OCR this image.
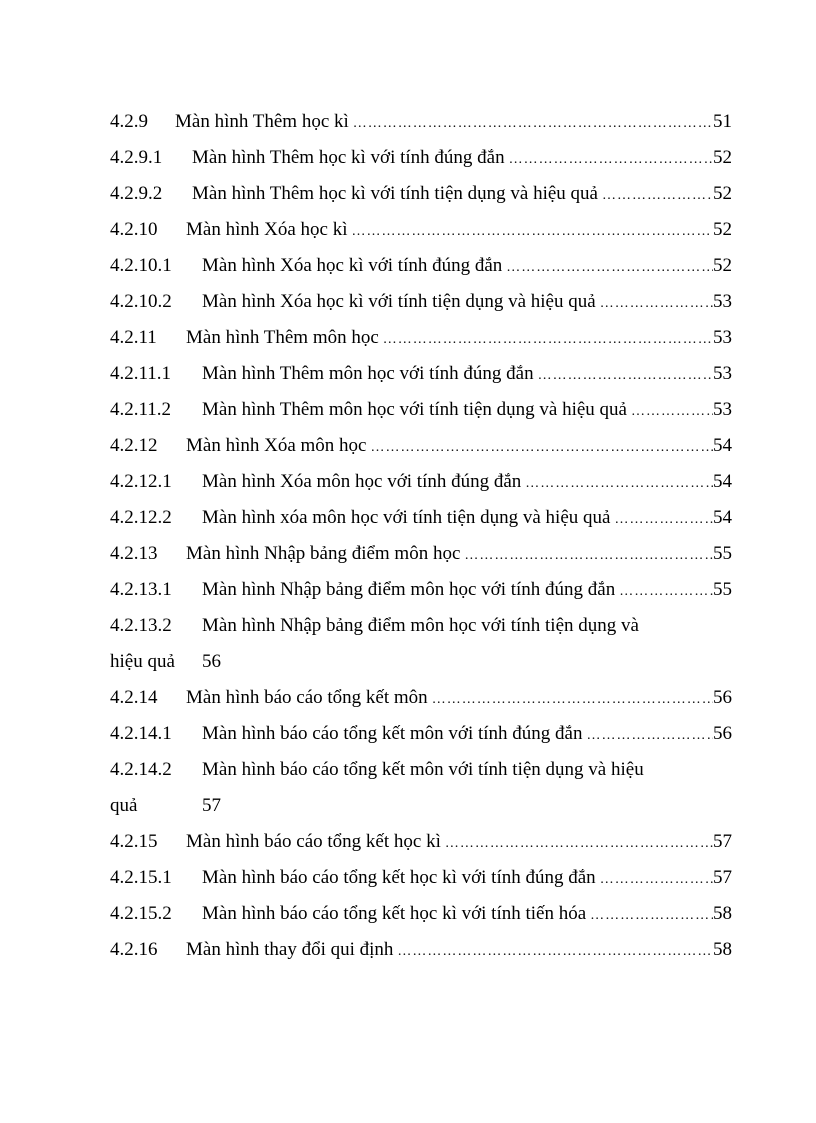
4.2.9	Màn hình Thêm học kì ………………………………………………………………………………………………………………………………………	51
4.2.9.1	Màn hình Thêm học kì với tính đúng đắn ………………………………………………………………………………………………………………………………………	52
4.2.9.2	Màn hình Thêm học kì với tính tiện dụng và hiệu quả ………………………………………………………………………………………………………………………………………	52
4.2.10	Màn hình Xóa học kì ………………………………………………………………………………………………………………………………………	52
4.2.10.1	Màn hình Xóa học kì với tính đúng đắn ………………………………………………………………………………………………………………………………………	52
4.2.10.2	Màn hình Xóa học kì với tính tiện dụng và hiệu quả ………………………………………………………………………………………………………………………………………	53
4.2.11	Màn hình Thêm môn học ………………………………………………………………………………………………………………………………………	53
4.2.11.1	Màn hình Thêm môn học với tính đúng đắn ………………………………………………………………………………………………………………………………………	53
4.2.11.2	Màn hình Thêm môn học với tính tiện dụng và hiệu quả ………………………………………………………………………………………………………………………………………	53
4.2.12	Màn hình Xóa môn học ………………………………………………………………………………………………………………………………………	54
4.2.12.1	Màn hình Xóa môn học với tính đúng đắn ………………………………………………………………………………………………………………………………………	54
4.2.12.2	Màn hình xóa môn học với tính tiện dụng và hiệu quả ………………………………………………………………………………………………………………………………………	54
4.2.13	Màn hình Nhập bảng điểm môn học ………………………………………………………………………………………………………………………………………	55
4.2.13.1	Màn hình Nhập bảng điểm môn học với tính đúng đắn ………………………………………………………………………………………………………………………………………	55
4.2.13.2	Màn hình Nhập bảng điểm môn học với tính tiện dụng và
hiệu quả	56
4.2.14	Màn hình báo cáo tổng kết môn ………………………………………………………………………………………………………………………………………	56
4.2.14.1	Màn hình báo cáo tổng kết môn với tính đúng đắn ………………………………………………………………………………………………………………………………………	56
4.2.14.2	Màn hình báo cáo tổng kết môn với tính tiện dụng và hiệu
quả	57
4.2.15	Màn hình báo cáo tổng kết học kì ………………………………………………………………………………………………………………………………………	57
4.2.15.1	Màn hình báo cáo tổng kết học kì với tính đúng đắn ………………………………………………………………………………………………………………………………………	57
4.2.15.2	Màn hình báo cáo tổng kết học kì với tính tiến hóa ………………………………………………………………………………………………………………………………………	58
4.2.16	Màn hình thay đổi qui định ………………………………………………………………………………………………………………………………………	58
